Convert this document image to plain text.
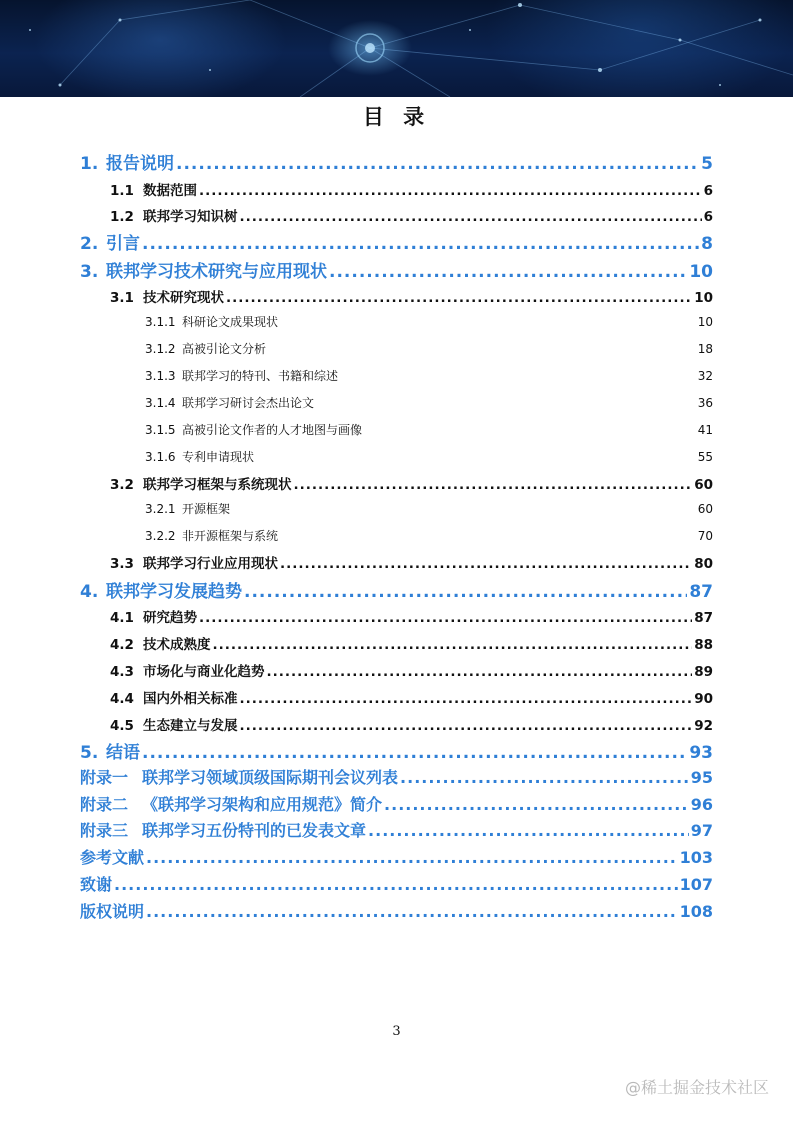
目 录
1. 报告说明 .....	5
1.1 数据范围 .....	6
1.2 联邦学习知识树 .....	6
2. 引言 .....	8
3. 联邦学习技术研究与应用现状 .....	10
3.1 技术研究现状 .....	10
3.1.1 科研论文成果现状	10
3.1.2 高被引论文分析	18
3.1.3 联邦学习的特刊、书籍和综述	32
3.1.4 联邦学习研讨会杰出论文	36
3.1.5 高被引论文作者的人才地图与画像	41
3.1.6 专利申请现状	55
3.2 联邦学习框架与系统现状 .....	60
3.2.1 开源框架	60
3.2.2 非开源框架与系统	70
3.3 联邦学习行业应用现状 .....	80
4. 联邦学习发展趋势 .....	87
4.1 研究趋势 .....	87
4.2 技术成熟度 .....	88
4.3 市场化与商业化趋势 .....	89
4.4 国内外相关标准 .....	90
4.5 生态建立与发展 .....	92
5. 结语 .....	93
附录一 联邦学习领域顶级国际期刊会议列表 .....	95
附录二 《联邦学习架构和应用规范》简介 .....	96
附录三 联邦学习五份特刊的已发表文章 .....	97
参考文献 .....	103
致谢 .....	107
版权说明 .....	108
3
@稀土掘金技术社区
